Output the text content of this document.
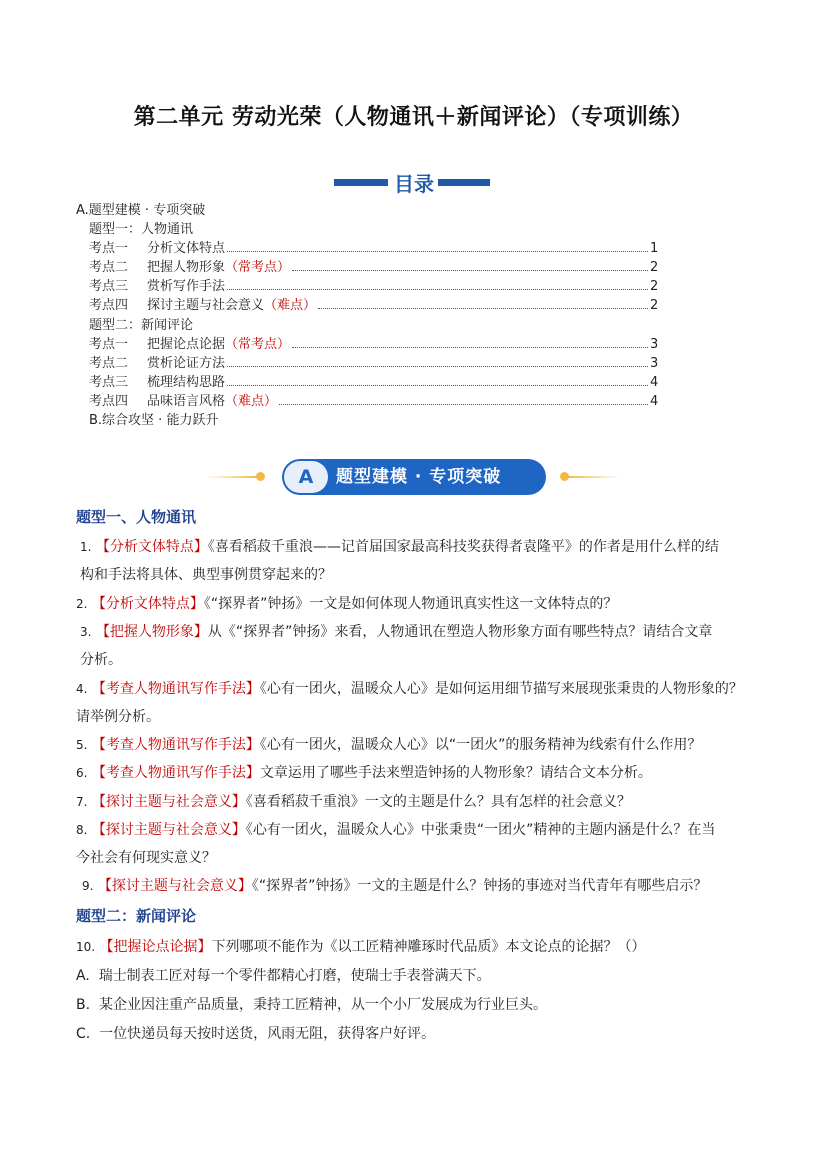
第二单元 劳动光荣（人物通讯＋新闻评论）（专项训练）
目录
A.题型建模 · 专项突破
题型一：人物通讯
考点一	分析文体特点	1
考点二	把握人物形象 （常考点）	2
考点三	赏析写作手法	2
考点四	探讨主题与社会意义 （难点）	2
题型二：新闻评论
考点一	把握论点论据 （常考点）	3
考点二	赏析论证方法	3
考点三	梳理结构思路	4
考点四	品味语言风格 （难点）	4
B.综合攻坚 · 能力跃升
A	题型建模 · 专项突破
题型一、人物通讯
1. 【分析文体特点】《喜看稻菽千重浪——记首届国家最高科技奖获得者袁隆平》的作者是用什么样的结
构和手法将具体、典型事例贯穿起来的？
2. 【分析文体特点】《“探界者”钟扬》一文是如何体现人物通讯真实性这一文体特点的？
3. 【把握人物形象】从《“探界者”钟扬》来看，人物通讯在塑造人物形象方面有哪些特点？请结合文章
分析。
4. 【考查人物通讯写作手法】《心有一团火，温暖众人心》是如何运用细节描写来展现张秉贵的人物形象的？
请举例分析。
5. 【考查人物通讯写作手法】《心有一团火，温暖众人心》以“一团火”的服务精神为线索有什么作用？
6. 【考查人物通讯写作手法】文章运用了哪些手法来塑造钟扬的人物形象？请结合文本分析。
7. 【探讨主题与社会意义】《喜看稻菽千重浪》一文的主题是什么？具有怎样的社会意义？
8. 【探讨主题与社会意义】《心有一团火，温暖众人心》中张秉贵“一团火”精神的主题内涵是什么？在当
今社会有何现实意义？
9. 【探讨主题与社会意义】《“探界者”钟扬》一文的主题是什么？钟扬的事迹对当代青年有哪些启示？
题型二：新闻评论
10. 【把握论点论据】下列哪项不能作为《以工匠精神雕琢时代品质》本文论点的论据？（）
A. 瑞士制表工匠对每一个零件都精心打磨，使瑞士手表誉满天下。
B. 某企业因注重产品质量，秉持工匠精神，从一个小厂发展成为行业巨头。
C. 一位快递员每天按时送货，风雨无阻，获得客户好评。
